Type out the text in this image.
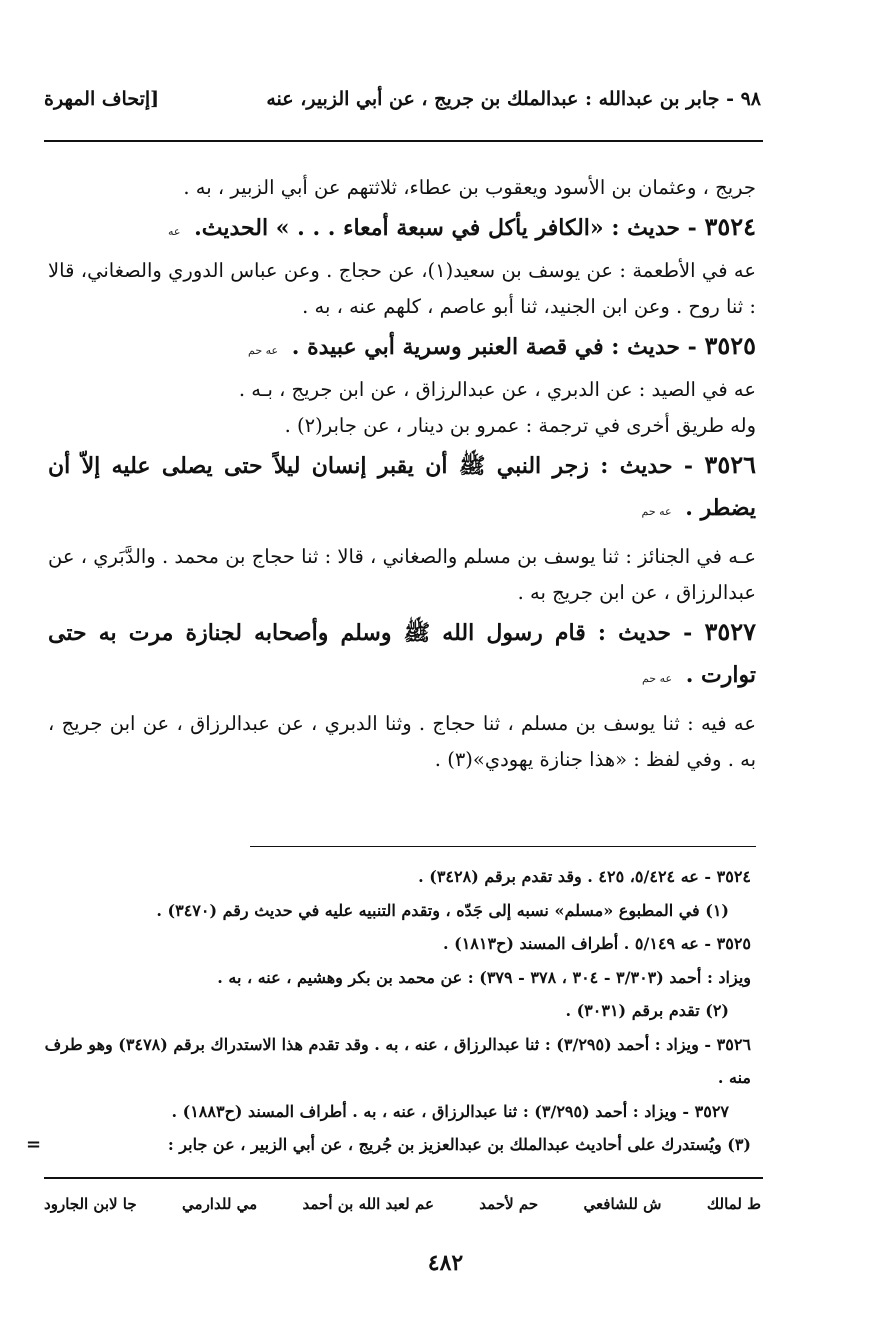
٩٨ - جابر بن عبدالله : عبدالملك بن جريج ، عن أبي الزبير، عنه
[إتحاف المهرة

جريج ، وعثمان بن الأسود ويعقوب بن عطاء، ثلاثتهم عن أبي الزبير ، به .

٣٥٢٤ - حديث : «الكافر يأكل في سبعة أمعاء . . . » الحديث. عه

عه في الأطعمة : عن يوسف بن سعيد(١)، عن حجاج . وعن عباس الدوري والصغاني، قالا : ثنا روح . وعن ابن الجنيد، ثنا أبو عاصم ، كلهم عنه ، به .

٣٥٢٥ - حديث : في قصة العنبر وسرية أبي عبيدة . عه حم

عه في الصيد : عن الدبري ، عن عبدالرزاق ، عن ابن جريج ، بـه .

وله طريق أخرى في ترجمة : عمرو بن دينار ، عن جابر(٢) .

٣٥٢٦ - حديث : زجر النبي ﷺ أن يقبر إنسان ليلاً حتى يصلى عليه إلاّ أن يضطر . عه حم

عـه في الجنائز : ثنا يوسف بن مسلم والصغاني ، قالا : ثنا حجاج بن محمد . والدَّبَري ، عن عبدالرزاق ، عن ابن جريج به .

٣٥٢٧ - حديث : قام رسول الله ﷺ وسلم وأصحابه لجنازة مرت به حتى توارت . عه حم

عه فيه : ثنا يوسف بن مسلم ، ثنا حجاج . وثنا الدبري ، عن عبدالرزاق ، عن ابن جريج ، به . وفي لفظ : «هذا جنازة يهودي»(٣) .

٣٥٢٤ - عه ٥/٤٢٤، ٤٢٥ . وقد تقدم برقم (٣٤٢٨) .

(١) في المطبوع «مسلم» نسبه إلى جَدّه ، وتقدم التنبيه عليه في حديث رقم (٣٤٧٠) .

٣٥٢٥ - عه ٥/١٤٩ . أطراف المسند (ح١٨١٣) .

ويزاد : أحمد (٣/٣٠٣ - ٣٠٤ ، ٣٧٨ - ٣٧٩) : عن محمد بن بكر وهشيم ، عنه ، به .

(٢) تقدم برقم (٣٠٣١) .

٣٥٢٦ - ويزاد : أحمد (٣/٢٩٥) : ثنا عبدالرزاق ، عنه ، به . وقد تقدم هذا الاستدراك برقم (٣٤٧٨) وهو طرف منه .

٣٥٢٧ - ويزاد : أحمد (٣/٢٩٥) : ثنا عبدالرزاق ، عنه ، به . أطراف المسند (ح١٨٨٣) .

(٣) ويُستدرك على أحاديث عبدالملك بن عبدالعزيز بن جُريج ، عن أبي الزبير ، عن جابر :

=
ط لمالك
ش للشافعي
حم لأحمد
عم لعبد الله بن أحمد
مي للدارمي
جا لابن الجارود
٤٨٢
